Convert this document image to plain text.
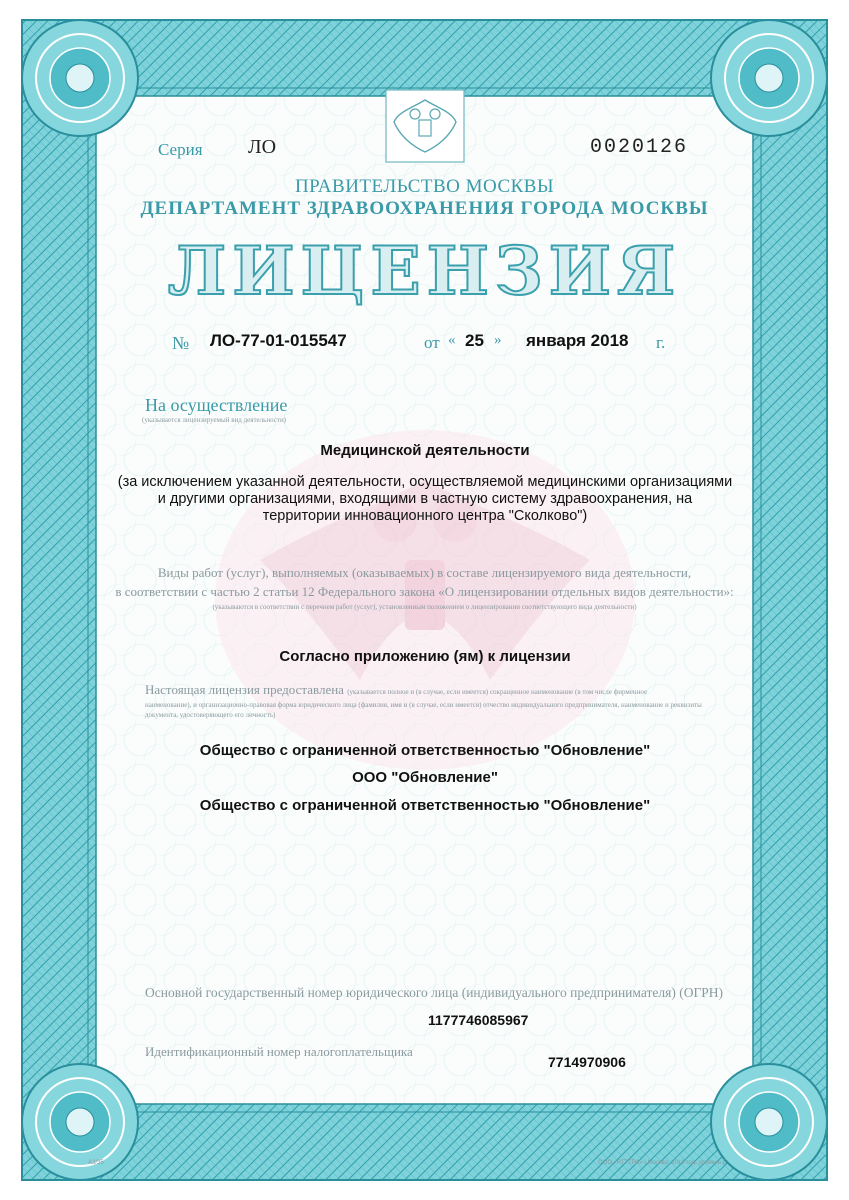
Серия ЛО	0020126
ПРАВИТЕЛЬСТВО МОСКВЫ
ДЕПАРТАМЕНТ ЗДРАВООХРАНЕНИЯ ГОРОДА МОСКВЫ
ЛИЦЕНЗИЯ
№ ЛО-77-01-015547	от « 25 » января 2018 г.
На осуществление
(указывается лицензируемый вид деятельности)
Медицинской деятельности
(за исключением указанной деятельности, осуществляемой медицинскими организациями
и другими организациями, входящими в частную систему здравоохранения, на
территории инновационного центра "Сколково")
Виды работ (услуг), выполняемых (оказываемых) в составе лицензируемого вида деятельности,
в соответствии с частью 2 статьи 12 Федерального закона «О лицензировании отдельных видов деятельности»:
(указываются в соответствии с перечнем работ (услуг), установленным положением о лицензировании соответствующего вида деятельности)
Согласно приложению (ям) к лицензии
Настоящая лицензия предоставлена (указывается полное и (в случае, если имеется) сокращенное наименование (в том числе фирменное
наименование), и организационно-правовая форма юридического лица (фамилия, имя и (в случае, если имеется) отчество индивидуального предпринимателя, наименование и реквизиты документа, удостоверяющего его личность)
Общество с ограниченной ответственностью "Обновление"
ООО "Обновление"
Общество с ограниченной ответственностью "Обновление"
Основной государственный номер юридического лица (индивидуального предпринимателя) (ОГРН)
1177746085967
Идентификационный номер налогоплательщика
7714970906
A3/35	ООО «РТТТРА» | Москва, 2016 год, уровень Б
